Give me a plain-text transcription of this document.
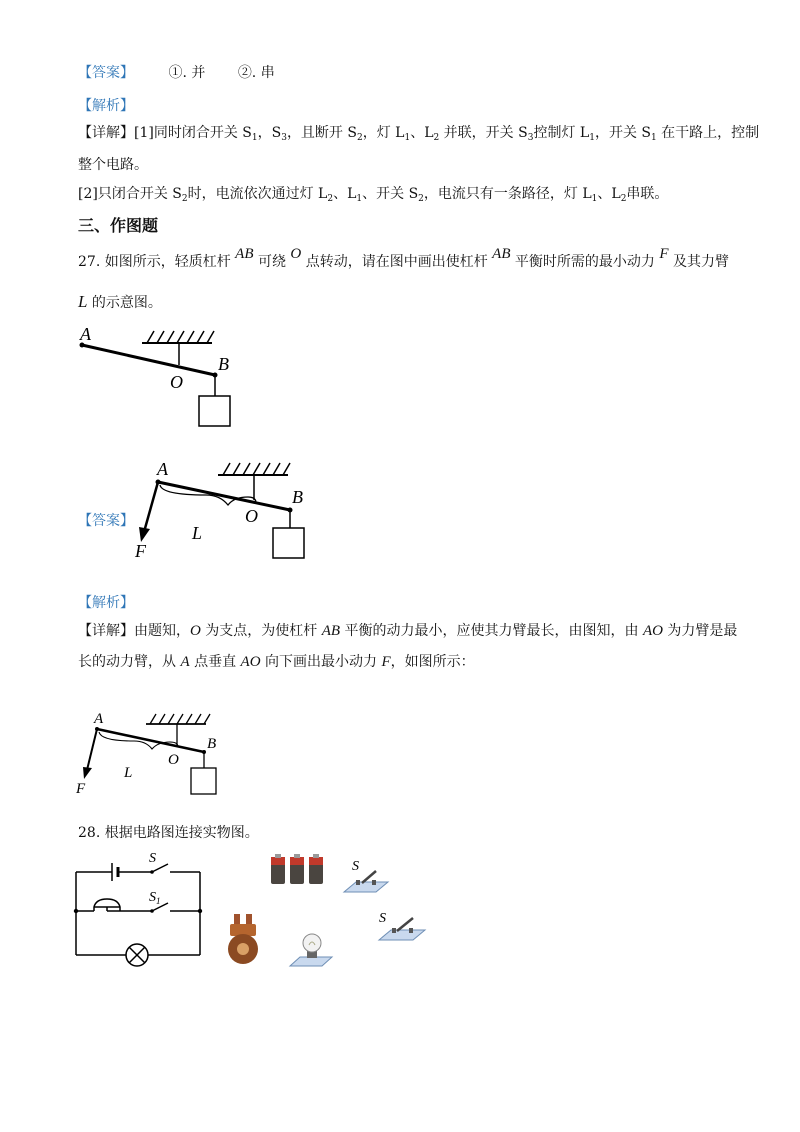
【答案】 ①. 并 ②. 串
【解析】
【详解】[1]同时闭合开关 $S_1$，$S_3$，且断开 $S_2$，灯 $L_1$、$L_2$ 并联，开关 $S_3$控制灯 $L_1$，开关 $S_1$ 在干路上，控制
整个电路。
[2]只闭合开关 $S_2$时，电流依次通过灯 $L_2$、$L_1$、开关 $S_2$，电流只有一条路径，灯 $L_1$、$L_2$串联。
三、作图题
27. 如图所示，轻质杠杆 AB 可绕 O 点转动，请在图中画出使杠杆 AB 平衡时所需的最小动力 F 及其力臂
L 的示意图。
A
B
O
【答案】
A
B
O
L
F
【解析】
【详解】由题知，O 为支点，为使杠杆 AB 平衡的动力最小，应使其力臂最长，由图知，由 AO 为力臂是最
长的动力臂，从 A 点垂直 AO 向下画出最小动力 F，如图所示：
A
B
O
L
F
28. 根据电路图连接实物图。
S
$S_1$
S
S
